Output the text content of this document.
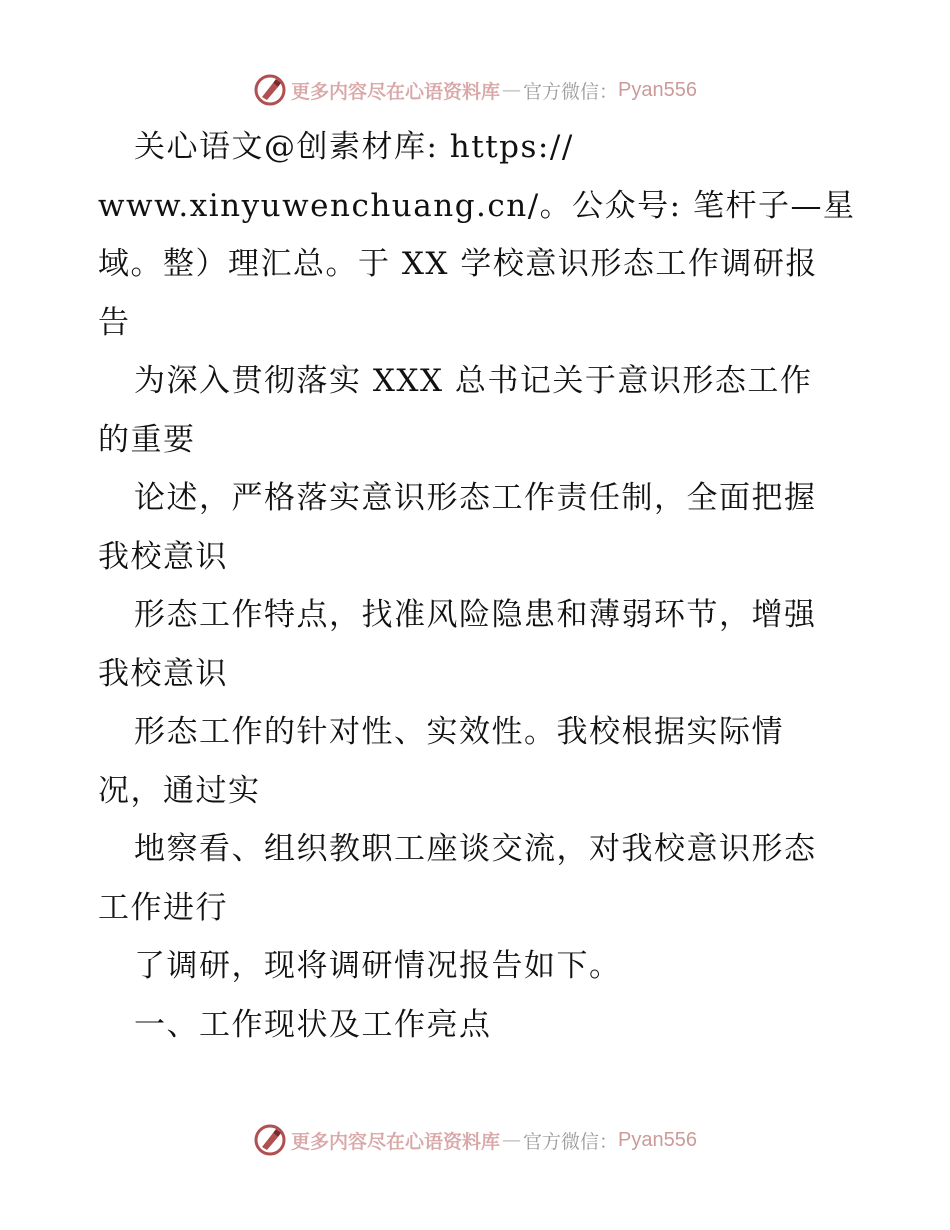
更多内容尽在心语资料库 — 官方微信： Pyan556
关心语文@创素材库: https://
www.xinyuwenchuang.cn/。公众号: 笔杆子—星
域。整）理汇总。于 XX 学校意识形态工作调研报
告
为深入贯彻落实 XXX 总书记关于意识形态工作
的重要
论述，严格落实意识形态工作责任制，全面把握
我校意识
形态工作特点，找准风险隐患和薄弱环节，增强
我校意识
形态工作的针对性、实效性。我校根据实际情
况，通过实
地察看、组织教职工座谈交流，对我校意识形态
工作进行
了调研，现将调研情况报告如下。
一、工作现状及工作亮点
更多内容尽在心语资料库 — 官方微信： Pyan556
